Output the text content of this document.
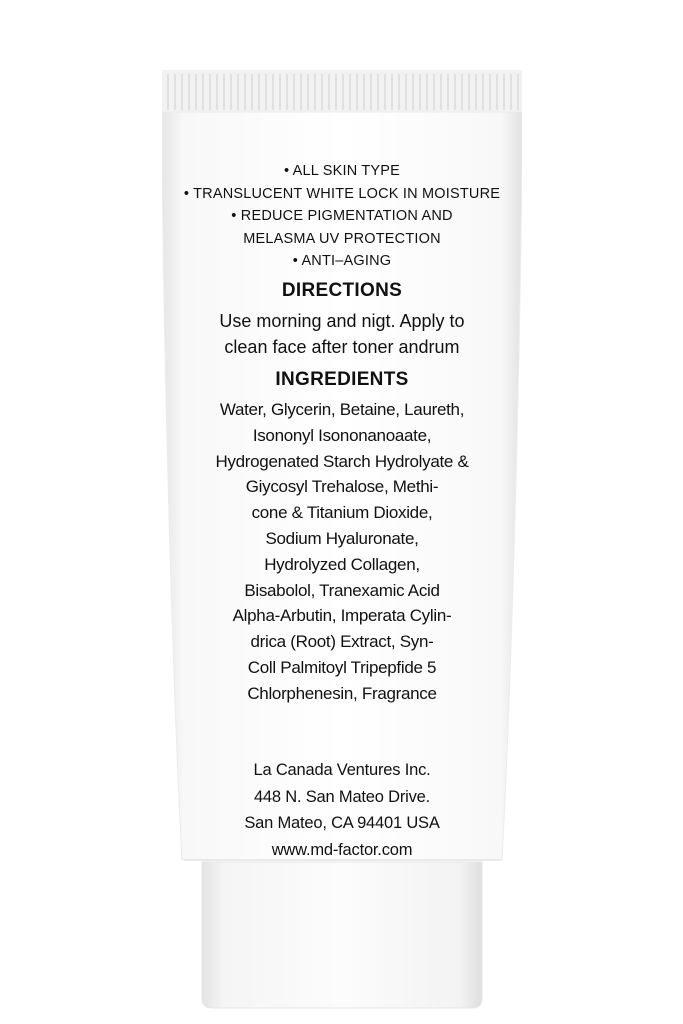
• ALL SKIN TYPE
• TRANSLUCENT WHITE LOCK IN MOISTURE
• REDUCE PIGMENTATION AND
MELASMA UV PROTECTION
• ANTI–AGING
DIRECTIONS
Use morning and nigt. Apply to
clean face after toner andrum
INGREDIENTS
Water, Glycerin, Betaine, Laureth,
Isononyl Isononanoaate,
Hydrogenated Starch Hydrolyate &
Giycosyl Trehalose, Methi-
cone & Titanium Dioxide,
Sodium Hyaluronate,
Hydrolyzed Collagen,
Bisabolol, Tranexamic Acid
Alpha-Arbutin, Imperata Cylin-
drica (Root) Extract, Syn-
Coll Palmitoyl Tripepfide 5
Chlorphenesin, Fragrance
La Canada Ventures Inc.
448 N. San Mateo Drive.
San Mateo, CA 94401 USA
www.md-factor.com
